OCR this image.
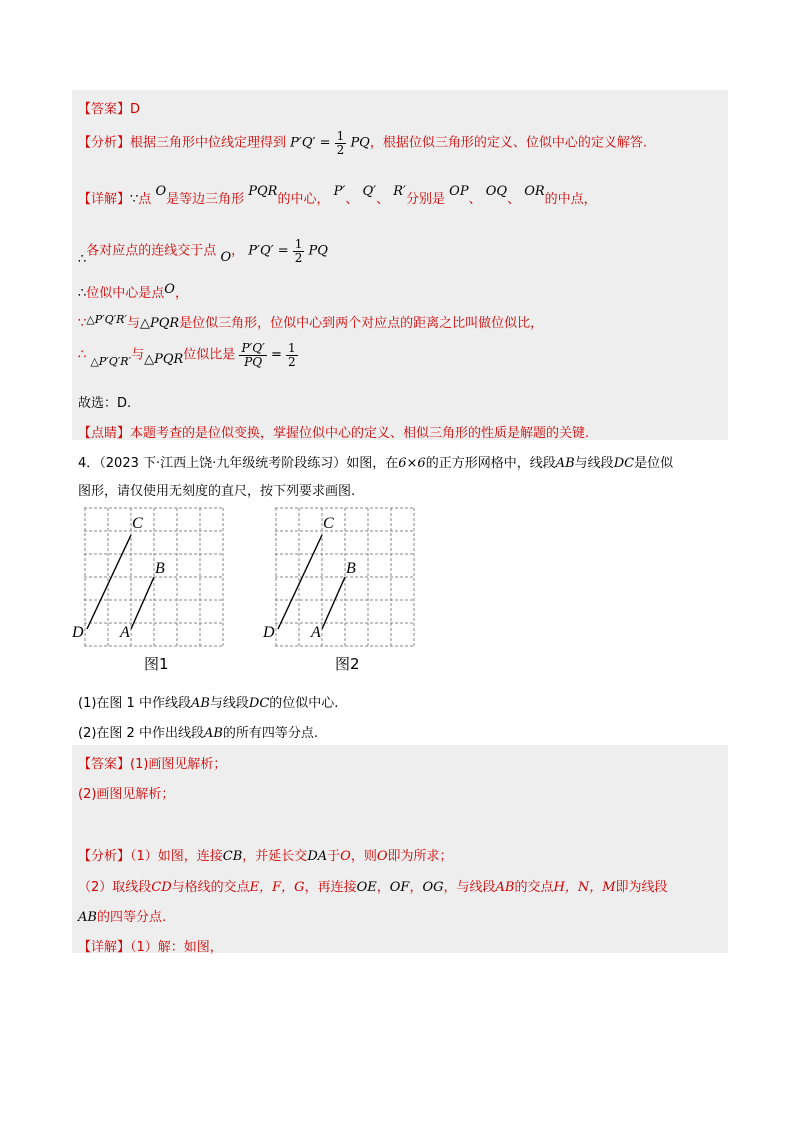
【答案】D
【分析】根据三角形中位线定理得到 $P'Q' = \frac{1}{2}$ PQ，根据位似三角形的定义、位似中心的定义解答.
【详解】∵点 O是等边三角形 PQR的中心， P′、 Q′、 R′分别是 OP、 OQ、 OR的中点，
∴各对应点的连线交于点 O， $P'Q' = \frac{1}{2}$ PQ
∴位似中心是点O，
∵$^{\triangle P'Q'R'}$与△PQR是位似三角形，位似中心到两个对应点的距离之比叫做位似比，
∴ $_{\triangle P'Q'R'}$与△PQR位似比是 $\frac{P'Q'}{PQ} = \frac{1}{2}$
故选：D.
【点睛】本题考查的是位似变换，掌握位似中心的定义、相似三角形的性质是解题的关键.
4．（2023 下·江西上饶·九年级统考阶段练习）如图，在6×6的正方形网格中，线段AB与线段DC是位似
图形，请仅使用无刻度的直尺，按下列要求画图.
C
B
D A
图1
C
B
D A
图2
(1)在图 1 中作线段AB与线段DC的位似中心.
(2)在图 2 中作出线段AB的所有四等分点.
【答案】(1)画图见解析；
(2)画图见解析；
【分析】（1）如图，连接CB，并延长交DA于O，则O即为所求；
（2）取线段CD与格线的交点E，F，G，再连接OE，OF，OG，与线段AB的交点H，N，M即为线段
AB的四等分点.
【详解】（1）解：如图，
